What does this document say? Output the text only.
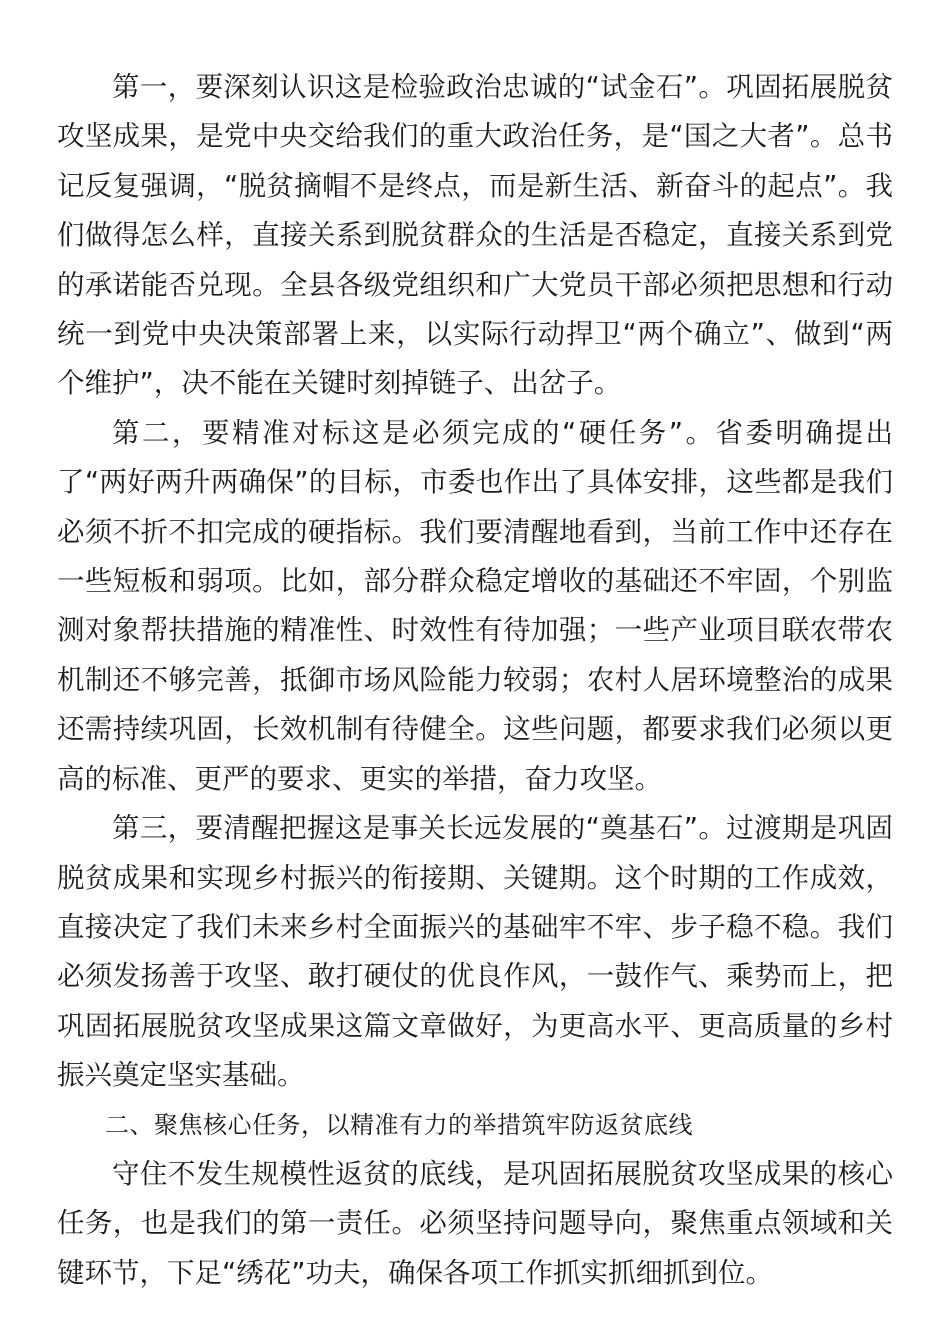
第一，要深刻认识这是检验政治忠诚的“试金石”。巩固拓展脱贫攻坚成果，是党中央交给我们的重大政治任务，是“国之大者”。总书记反复强调，“脱贫摘帽不是终点，而是新生活、新奋斗的起点”。我们做得怎么样，直接关系到脱贫群众的生活是否稳定，直接关系到党的承诺能否兑现。全县各级党组织和广大党员干部必须把思想和行动统一到党中央决策部署上来，以实际行动捍卫“两个确立”、做到“两个维护”，决不能在关键时刻掉链子、出岔子。

第二，要精准对标这是必须完成的“硬任务”。省委明确提出了“两好两升两确保”的目标，市委也作出了具体安排，这些都是我们必须不折不扣完成的硬指标。我们要清醒地看到，当前工作中还存在一些短板和弱项。比如，部分群众稳定增收的基础还不牢固，个别监测对象帮扶措施的精准性、时效性有待加强；一些产业项目联农带农机制还不够完善，抵御市场风险能力较弱；农村人居环境整治的成果还需持续巩固，长效机制有待健全。这些问题，都要求我们必须以更高的标准、更严的要求、更实的举措，奋力攻坚。

第三，要清醒把握这是事关长远发展的“奠基石”。过渡期是巩固脱贫成果和实现乡村振兴的衔接期、关键期。这个时期的工作成效，直接决定了我们未来乡村全面振兴的基础牢不牢、步子稳不稳。我们必须发扬善于攻坚、敢打硬仗的优良作风，一鼓作气、乘势而上，把巩固拓展脱贫攻坚成果这篇文章做好，为更高水平、更高质量的乡村振兴奠定坚实基础。

二、聚焦核心任务，以精准有力的举措筑牢防返贫底线

守住不发生规模性返贫的底线，是巩固拓展脱贫攻坚成果的核心任务，也是我们的第一责任。必须坚持问题导向，聚焦重点领域和关键环节，下足“绣花”功夫，确保各项工作抓实抓细抓到位。
